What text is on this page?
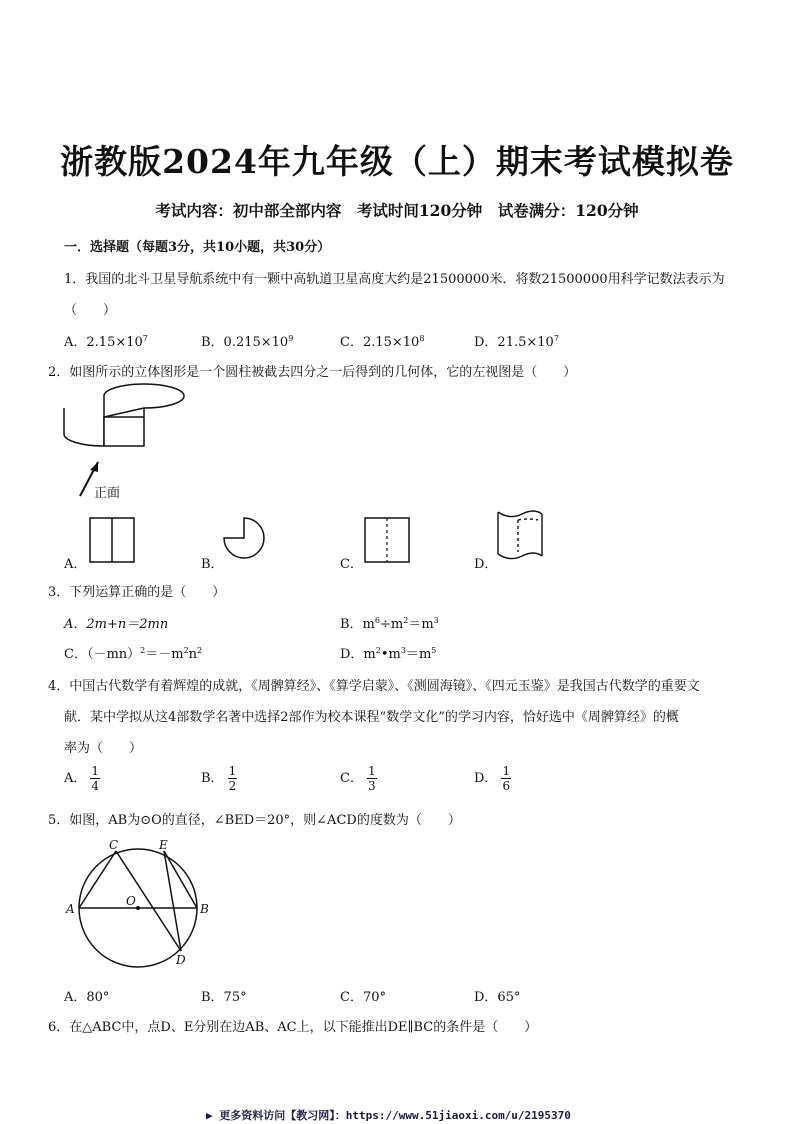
浙教版2024年九年级（上）期末考试模拟卷
考试内容：初中部全部内容　考试时间120分钟　试卷满分：120分钟
一．选择题（每题3分，共10小题，共30分）
1．我国的北斗卫星导航系统中有一颗中高轨道卫星高度大约是21500000米．将数21500000用科学记数法表示为
（　　）
A．$2.15\times 10^7$	B．$0.215\times 10^9$	C．$2.15\times 10^8$	D．$21.5\times 10^7$
2．如图所示的立体图形是一个圆柱被截去四分之一后得到的几何体，它的左视图是（　　）
正面
A．	B．	C．	D．
3．下列运算正确的是（　　）
A．2m+n＝2mn	B．$m^6\div m^2=m^3$
C．$(-mn)^2=-m^2n^2$	D．$m^2•m^3=m^5$
4．中国古代数学有着辉煌的成就，《周髀算经》、《算学启蒙》、《测圆海镜》、《四元玉鉴》是我国古代数学的重要文
献．某中学拟从这4部数学名著中选择2部作为校本课程“数学文化”的学习内容，恰好选中《周髀算经》的概
率为（　　）
A． $\frac{1}{4}$	B． $\frac{1}{2}$	C． $\frac{1}{3}$	D． $\frac{1}{6}$
5．如图，AB为⊙O的直径，∠BED＝20°，则∠ACD的度数为（　　）
A	B
C
D
E
O
A．80°	B．75°	C．70°	D．65°
6．在△ABC中，点D、E分别在边AB、AC上，以下能推出DE∥BC的条件是（　　）
▶ 更多资料访问【教习网】：https://www.51jiaoxi.com/u/2195370
